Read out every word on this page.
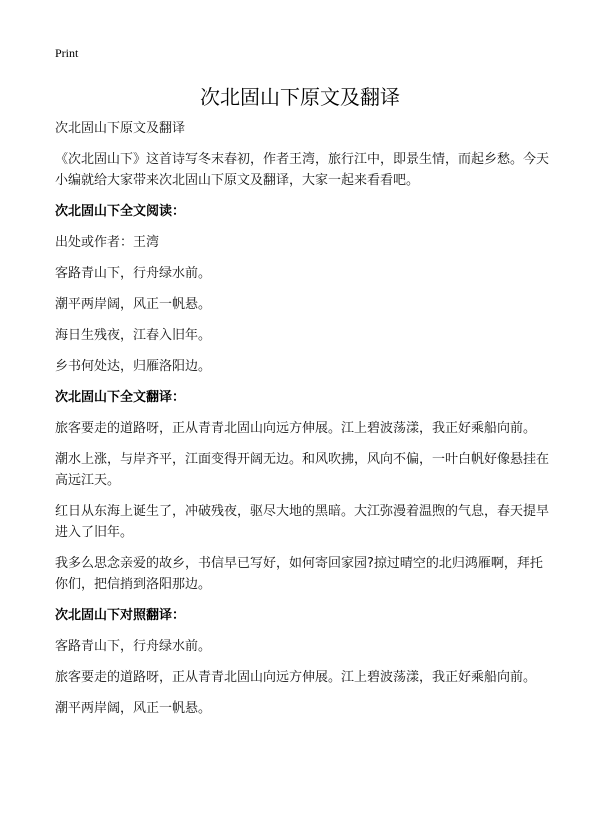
Print
次北固山下原文及翻译

次北固山下原文及翻译

《次北固山下》这首诗写冬末春初，作者王湾，旅行江中，即景生情，而起乡愁。今天小编就给大家带来次北固山下原文及翻译，大家一起来看看吧。

次北固山下全文阅读：

出处或作者：王湾

客路青山下，行舟绿水前。

潮平两岸阔，风正一帆悬。

海日生残夜，江春入旧年。

乡书何处达，归雁洛阳边。

次北固山下全文翻译：

旅客要走的道路呀，正从青青北固山向远方伸展。江上碧波荡漾，我正好乘船向前。

潮水上涨，与岸齐平，江面变得开阔无边。和风吹拂，风向不偏，一叶白帆好像悬挂在高远江天。

红日从东海上诞生了，冲破残夜，驱尽大地的黑暗。大江弥漫着温煦的气息，春天提早进入了旧年。

我多么思念亲爱的故乡，书信早已写好，如何寄回家园?掠过晴空的北归鸿雁啊，拜托你们，把信捎到洛阳那边。

次北固山下对照翻译：

客路青山下，行舟绿水前。

旅客要走的道路呀，正从青青北固山向远方伸展。江上碧波荡漾，我正好乘船向前。

潮平两岸阔，风正一帆悬。
